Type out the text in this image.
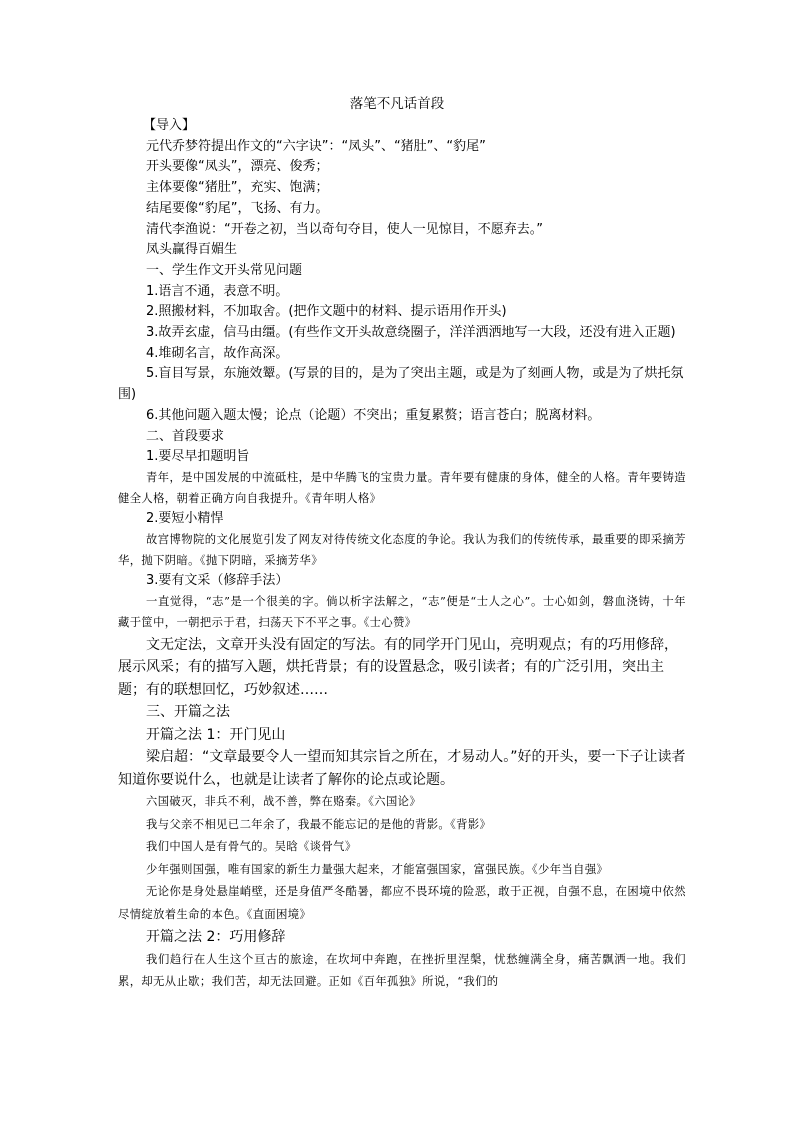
落笔不凡话首段

【导入】

元代乔梦符提出作文的“六字诀”：“凤头”、“猪肚”、“豹尾”

开头要像“凤头”，漂亮、俊秀；

主体要像“猪肚”，充实、饱满；

结尾要像“豹尾”，飞扬、有力。

清代李渔说：“开卷之初，当以奇句夺目，使人一见惊目，不愿弃去。”

凤头赢得百媚生

一、学生作文开头常见问题

1.语言不通，表意不明。

2.照搬材料，不加取舍。(把作文题中的材料、提示语用作开头)

3.故弄玄虚，信马由缰。(有些作文开头故意绕圈子，洋洋洒洒地写一大段，还没有进入正题)

4.堆砌名言，故作高深。

5.盲目写景，东施效颦。(写景的目的，是为了突出主题，或是为了刻画人物，或是为了烘托氛围)

6.其他问题入题太慢；论点（论题）不突出；重复累赘；语言苍白；脱离材料。

二、首段要求

1.要尽早扣题明旨

青年，是中国发展的中流砥柱，是中华腾飞的宝贵力量。青年要有健康的身体，健全的人格。青年要铸造健全人格，朝着正确方向自我提升。《青年明人格》

2.要短小精悍

故宫博物院的文化展览引发了网友对待传统文化态度的争论。我认为我们的传统传承，最重要的即采摘芳华，抛下阴暗。《抛下阴暗，采摘芳华》

3.要有文采（修辞手法）

一直觉得，“志”是一个很美的字。倘以析字法解之，“志”便是“士人之心”。士心如剑，磐血浇铸，十年藏于筐中，一朝把示于君，扫荡天下不平之事。《士心赞》

文无定法，文章开头没有固定的写法。有的同学开门见山，亮明观点；有的巧用修辞，展示风采；有的描写入题，烘托背景；有的设置悬念，吸引读者；有的广泛引用，突出主题；有的联想回忆，巧妙叙述……

三、开篇之法

开篇之法 1：开门见山

梁启超：“文章最要令人一望而知其宗旨之所在，才易动人。”好的开头，要一下子让读者知道你要说什么，也就是让读者了解你的论点或论题。

六国破灭，非兵不利，战不善，弊在赂秦。《六国论》

我与父亲不相见已二年余了，我最不能忘记的是他的背影。《背影》

我们中国人是有骨气的。吴晗《谈骨气》

少年强则国强，唯有国家的新生力量强大起来，才能富强国家，富强民族。《少年当自强》

无论你是身处悬崖峭壁，还是身值严冬酷暑，都应不畏环境的险恶，敢于正视，自强不息，在困境中依然尽情绽放着生命的本色。《直面困境》

开篇之法 2：巧用修辞

我们趋行在人生这个亘古的旅途，在坎坷中奔跑，在挫折里涅槃，忧愁缠满全身，痛苦飘洒一地。我们累，却无从止歇；我们苦，却无法回避。正如《百年孤独》所说，“我们的
